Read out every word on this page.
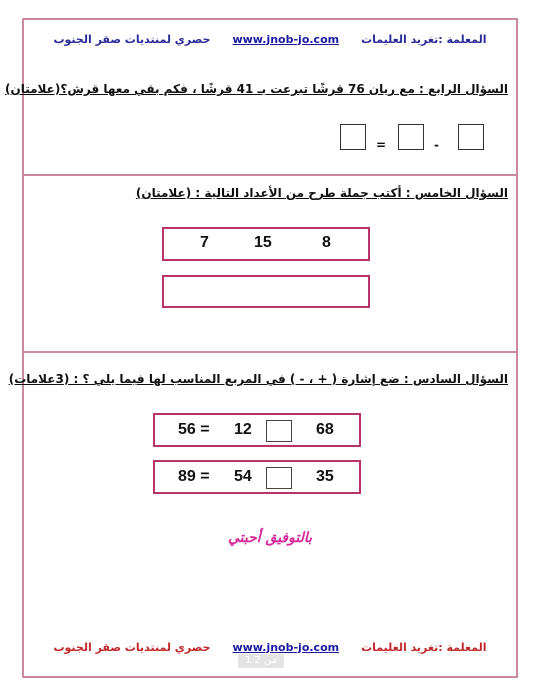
المعلمة :تغريد العليمات
www.jnob-jo.com
حصري لمنتديات صقر الجنوب
السؤال الرابع : مع ريان 76 قرشًا تبرعت بـ 41 قرشًا ، فكم بقي معها قرش؟(علامتان)
=	-
السؤال الخامس : أكتب جملة طرح من الأعداد التالية : (علامتان)
7	15	8
السؤال السادس : ضع إشارة ( + ، - ) في المربع المناسب لها فيما يلي ؟ : (3علامات)
56 = 12	68
89 = 54	35
بالتوفيق أحبتي
المعلمة :تغريد العليمات
www.jnob-jo.com
حصري لمنتديات صقر الجنوب
1 من 2
